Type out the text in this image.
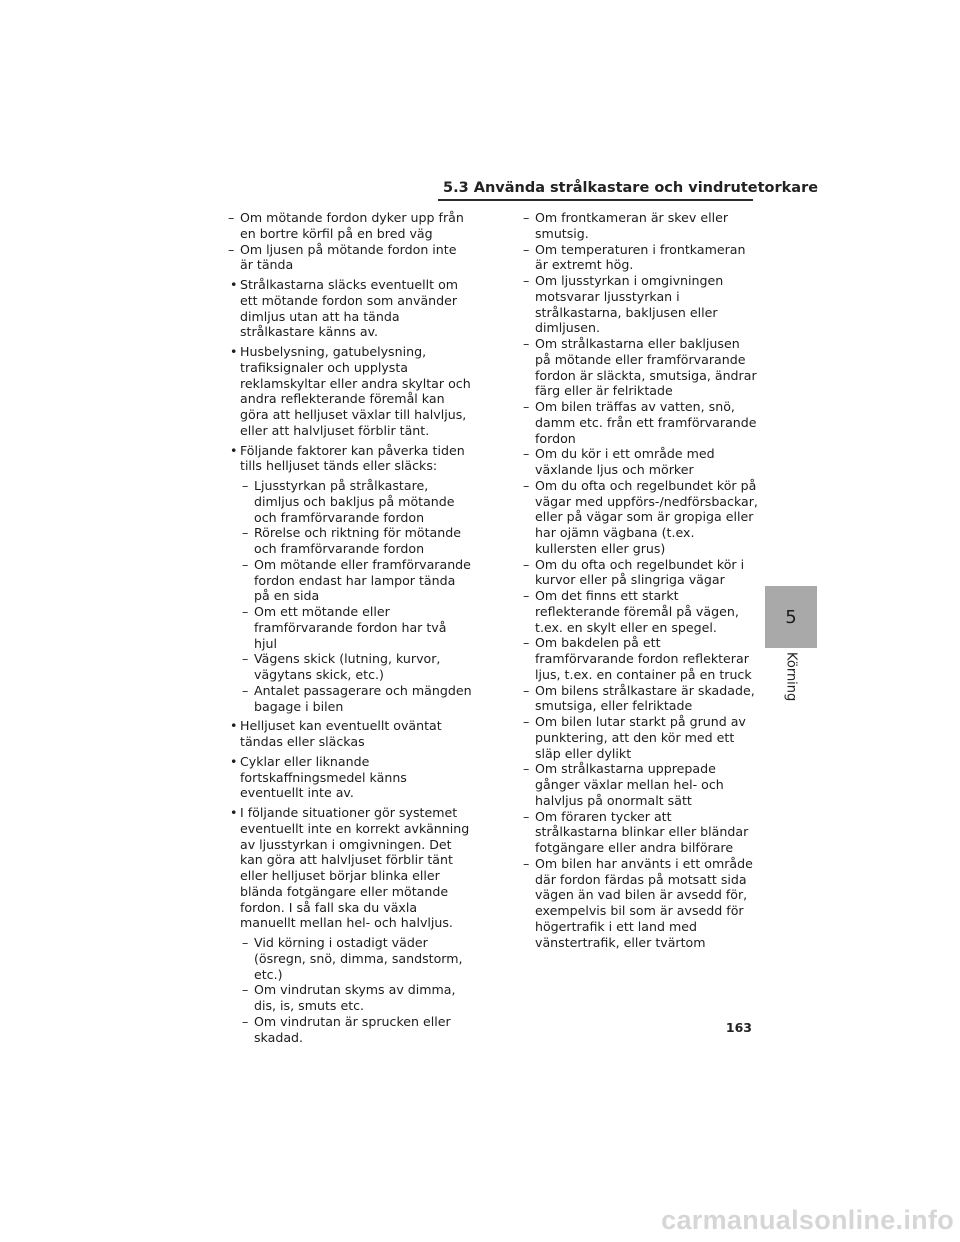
5.3 Använda strålkastare och vindrutetorkare
– Om mötande fordon dyker upp från en bortre körfil på en bred väg
– Om ljusen på mötande fordon inte är tända
• Strålkastarna släcks eventuellt om ett mötande fordon som använder dimljus utan att ha tända strålkastare känns av.
• Husbelysning, gatubelysning, trafiksignaler och upplysta reklamskyltar eller andra skyltar och andra reflekterande föremål kan göra att helljuset växlar till halvljus, eller att halvljuset förblir tänt.
• Följande faktorer kan påverka tiden tills helljuset tänds eller släcks:
– Ljusstyrkan på strålkastare, dimljus och bakljus på mötande och framförvarande fordon
– Rörelse och riktning för mötande och framförvarande fordon
– Om mötande eller framförvarande fordon endast har lampor tända på en sida
– Om ett mötande eller framförvarande fordon har två hjul
– Vägens skick (lutning, kurvor, vägytans skick, etc.)
– Antalet passagerare och mängden bagage i bilen
• Helljuset kan eventuellt oväntat tändas eller släckas
• Cyklar eller liknande fortskaffningsmedel känns eventuellt inte av.
• I följande situationer gör systemet eventuellt inte en korrekt avkänning av ljusstyrkan i omgivningen. Det kan göra att halvljuset förblir tänt eller helljuset börjar blinka eller blända fotgängare eller mötande fordon. I så fall ska du växla manuellt mellan hel- och halvljus.
– Vid körning i ostadigt väder (ösregn, snö, dimma, sandstorm, etc.)
– Om vindrutan skyms av dimma, dis, is, smuts etc.
– Om vindrutan är sprucken eller skadad.
– Om frontkameran är skev eller smutsig.
– Om temperaturen i frontkameran är extremt hög.
– Om ljusstyrkan i omgivningen motsvarar ljusstyrkan i strålkastarna, bakljusen eller dimljusen.
– Om strålkastarna eller bakljusen på mötande eller framförvarande fordon är släckta, smutsiga, ändrar färg eller är felriktade
– Om bilen träffas av vatten, snö, damm etc. från ett framförvarande fordon
– Om du kör i ett område med växlande ljus och mörker
– Om du ofta och regelbundet kör på vägar med uppförs-/nedförsbackar, eller på vägar som är gropiga eller har ojämn vägbana (t.ex. kullersten eller grus)
– Om du ofta och regelbundet kör i kurvor eller på slingriga vägar
– Om det finns ett starkt reflekterande föremål på vägen, t.ex. en skylt eller en spegel.
– Om bakdelen på ett framförvarande fordon reflekterar ljus, t.ex. en container på en truck
– Om bilens strålkastare är skadade, smutsiga, eller felriktade
– Om bilen lutar starkt på grund av punktering, att den kör med ett släp eller dylikt
– Om strålkastarna upprepade gånger växlar mellan hel- och halvljus på onormalt sätt
– Om föraren tycker att strålkastarna blinkar eller bländar fotgängare eller andra bilförare
– Om bilen har använts i ett område där fordon färdas på motsatt sida vägen än vad bilen är avsedd för, exempelvis bil som är avsedd för högertrafik i ett land med vänstertrafik, eller tvärtom
5
Körning
163
carmanualsonline.info
